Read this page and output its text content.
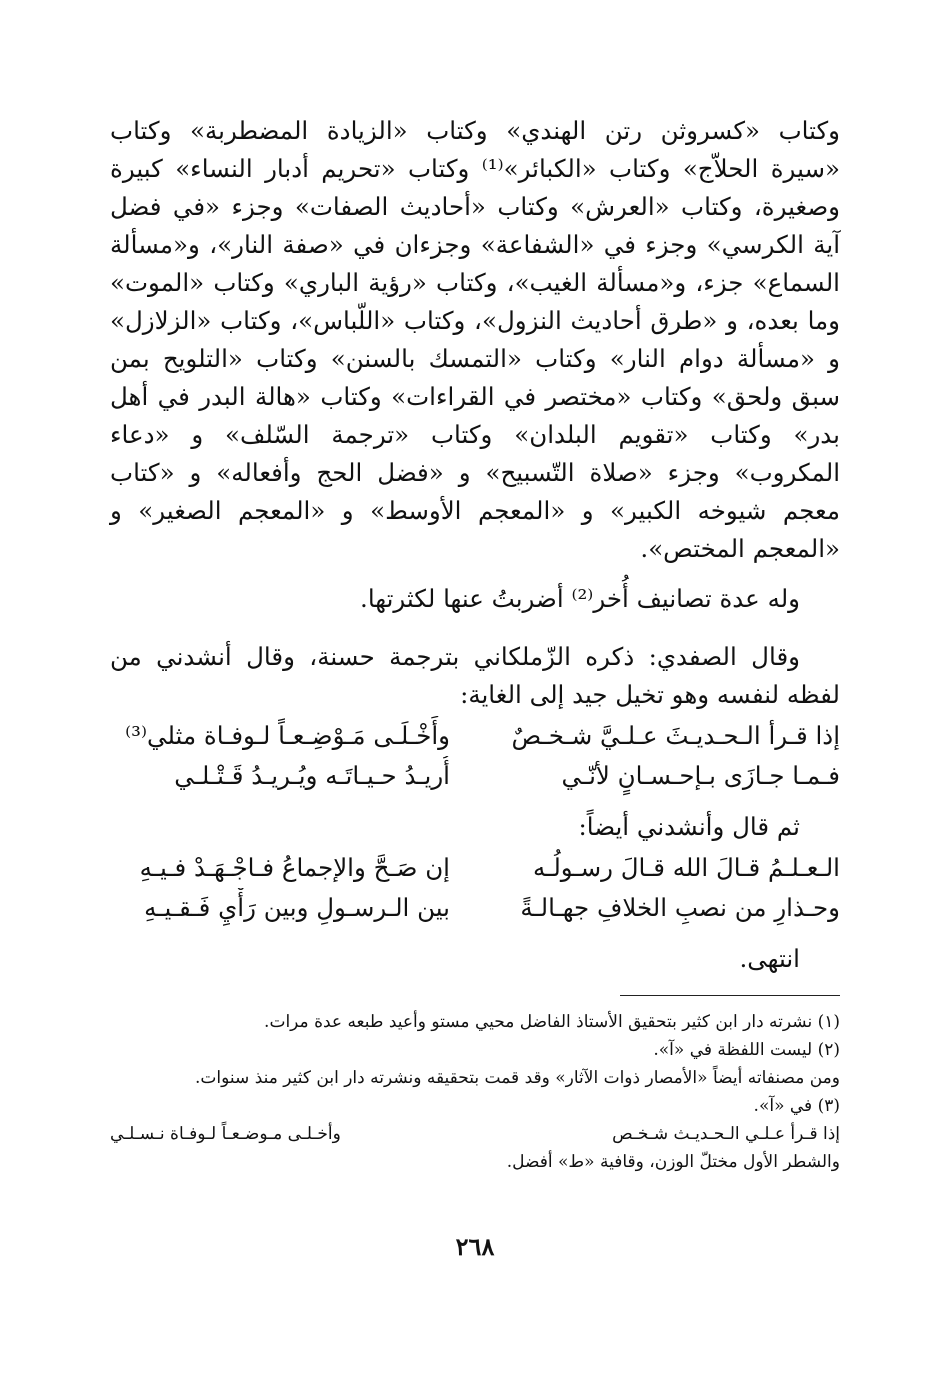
وكتاب «كسروثن رتن الهندي» وكتاب «الزيادة المضطربة» وكتاب «سيرة الحلاّج» وكتاب «الكبائر»⁽¹⁾ وكتاب «تحريم أدبار النساء» كبيرة وصغيرة، وكتاب «العرش» وكتاب «أحاديث الصفات» وجزء «في فضل آية الكرسي» وجزء في «الشفاعة» وجزءان في «صفة النار»، و«مسألة السماع» جزء، و«مسألة الغيب»، وكتاب «رؤية الباري» وكتاب «الموت» وما بعده، و «طرق أحاديث النزول»، وكتاب «اللّباس»، وكتاب «الزلازل» و «مسألة دوام النار» وكتاب «التمسك بالسنن» وكتاب «التلويح بمن سبق ولحق» وكتاب «مختصر في القراءات» وكتاب «هالة البدر في أهل بدر» وكتاب «تقويم البلدان» وكتاب «ترجمة السّلف» و «دعاء المكروب» وجزء «صلاة التّسبيح» و «فضل الحج وأفعاله» و «كتاب معجم شيوخه الكبير» و «المعجم الأوسط» و «المعجم الصغير» و «المعجم المختص».

وله عدة تصانيف أُخر⁽²⁾ أضربتُ عنها لكثرتها.

وقال الصفدي: ذكره الزّملكاني بترجمة حسنة، وقال أنشدني من لفظه لنفسه وهو تخيل جيد إلى الغاية:

إذا قـرأ الـحـديـثَ عـلـيَّ شـخـصٌ
وأَخْـلَـى مَـوْضِـعـاً لـوفـاة مثلي⁽³⁾
فـمـا جـازَى بـإحـسـانٍ لأنّـي
أُريـدُ حـيـاتَـه ويُـريـدُ قَـتْـلـي

ثم قال وأنشدني أيضاً:

الـعـلـمُ قـالَ الله قـالَ رسـولُـه
إن صَـحَّ والإجماعُ فـاجْـهَـدْ فـيـهِ
وحـذارِ من نصبِ الخلافِ جهـالـةً
بين الـرسـولِ وبين رَأْيِ فَـقـيـهِ

انتهى.

(١) نشرته دار ابن كثير بتحقيق الأستاذ الفاضل محيي مستو وأعيد طبعه عدة مرات.

(٢) ليست اللفظة في «آ».

ومن مصنفاته أيضاً «الأمصار ذوات الآثار» وقد قمت بتحقيقه ونشرته دار ابن كثير منذ سنوات.

(٣) في «آ».

إذا قـرأ عـلـي الـحـديـث شـخـص
وأخـلـى مـوضـعـاً لـوفـاة نـسـلـي

والشطر الأول مختلّ الوزن، وقافية «ط» أفضل.

٢٦٨
